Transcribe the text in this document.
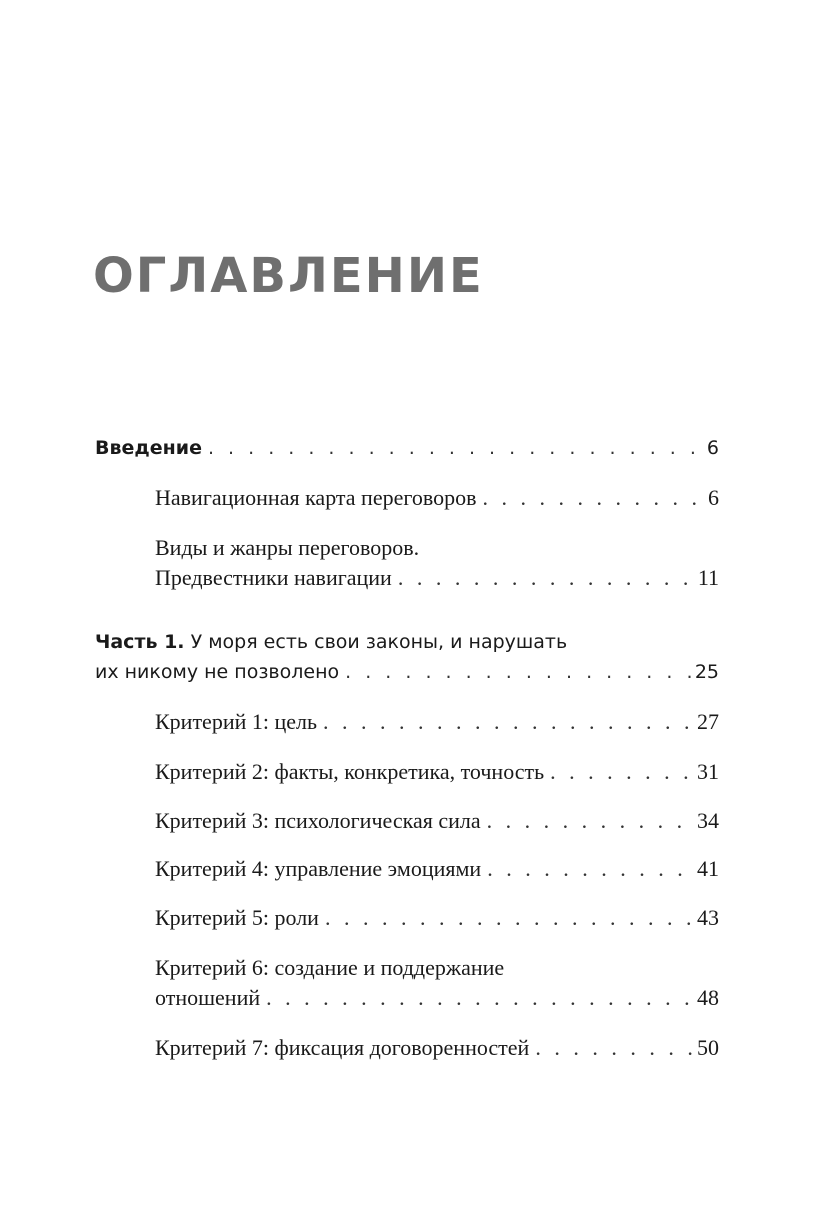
ОГЛАВЛЕНИЕ
Введение . . .	6
Навигационная карта переговоров . . .	6
Виды и жанры переговоров.
Предвестники навигации . . .	11
Часть 1. У моря есть свои законы, и нарушать
их никому не позволено . . .	25
Критерий 1: цель . . .	27
Критерий 2: факты, конкретика, точность . . .	31
Критерий 3: психологическая сила . . .	34
Критерий 4: управление эмоциями . . .	41
Критерий 5: роли . . .	43
Критерий 6: создание и поддержание
отношений . . .	48
Критерий 7: фиксация договоренностей . . .	50
